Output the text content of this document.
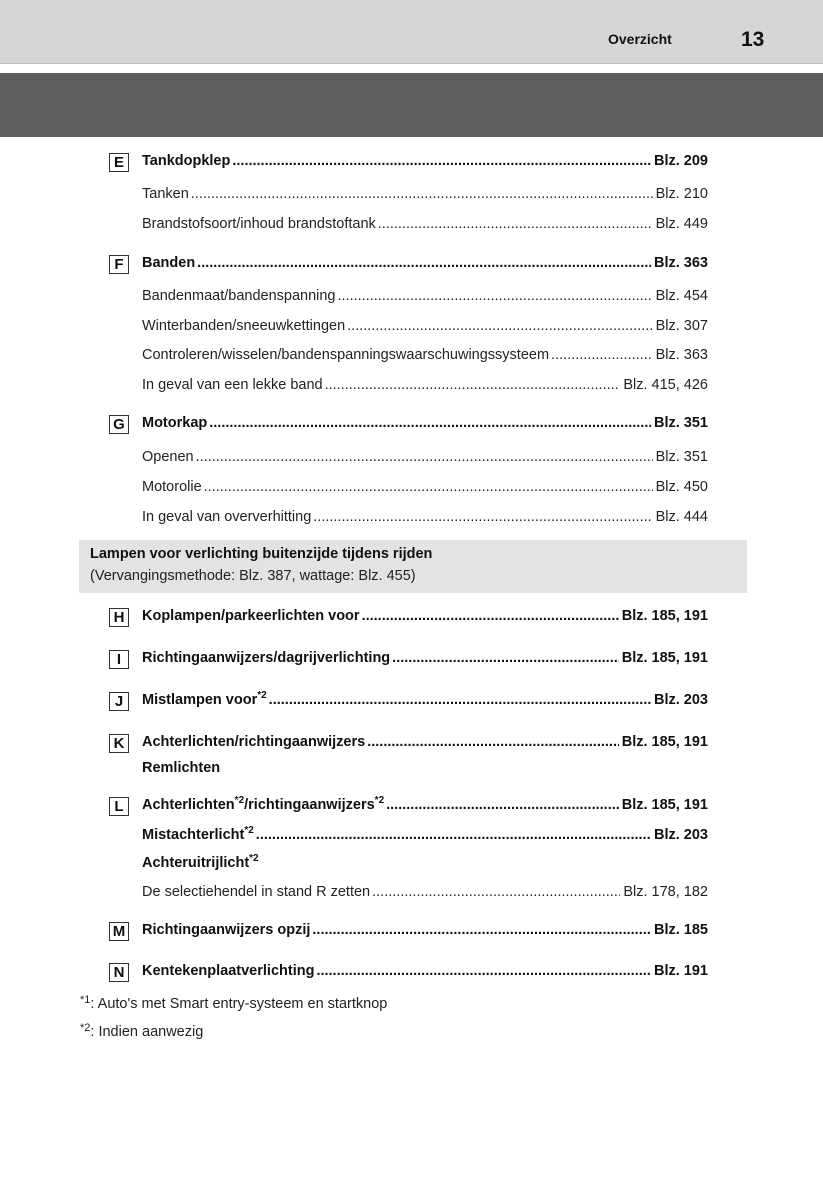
Overzicht	13
E	Tankdopklep .....	Blz. 209
Tanken .....	Blz. 210
Brandstofsoort/inhoud brandstoftank .....	Blz. 449
F	Banden .....	Blz. 363
Bandenmaat/bandenspanning .....	Blz. 454
Winterbanden/sneeuwkettingen .....	Blz. 307
Controleren/wisselen/bandenspanningswaarschuwingssysteem .....	Blz. 363
In geval van een lekke band .....	Blz. 415, 426
G Motorkap .....	Blz. 351
Openen .....	Blz. 351
Motorolie .....	Blz. 450
In geval van oververhitting .....	Blz. 444
Lampen voor verlichting buitenzijde tijdens rijden
(Vervangingsmethode: Blz. 387, wattage: Blz. 455)
H	Koplampen/parkeerlichten voor .....	Blz. 185, 191
I	Richtingaanwijzers/dagrijverlichting .....	Blz. 185, 191
J	Mistlampen voor$^{*2}$ .....	Blz. 203
K	Achterlichten/richtingaanwijzers .....	Blz. 185, 191
Remlichten
L	Achterlichten$^{*2}$/richtingaanwijzers$^{*2}$ .....	Blz. 185, 191
Mistachterlicht$^{*2}$ .....	Blz. 203
Achteruitrijlicht$^{*2}$
De selectiehendel in stand R zetten .....	Blz. 178, 182
M Richtingaanwijzers opzij .....	Blz. 185
N	Kentekenplaatverlichting .....	Blz. 191
$^{*1}$: Auto's met Smart entry-systeem en startknop
$^{*2}$: Indien aanwezig
